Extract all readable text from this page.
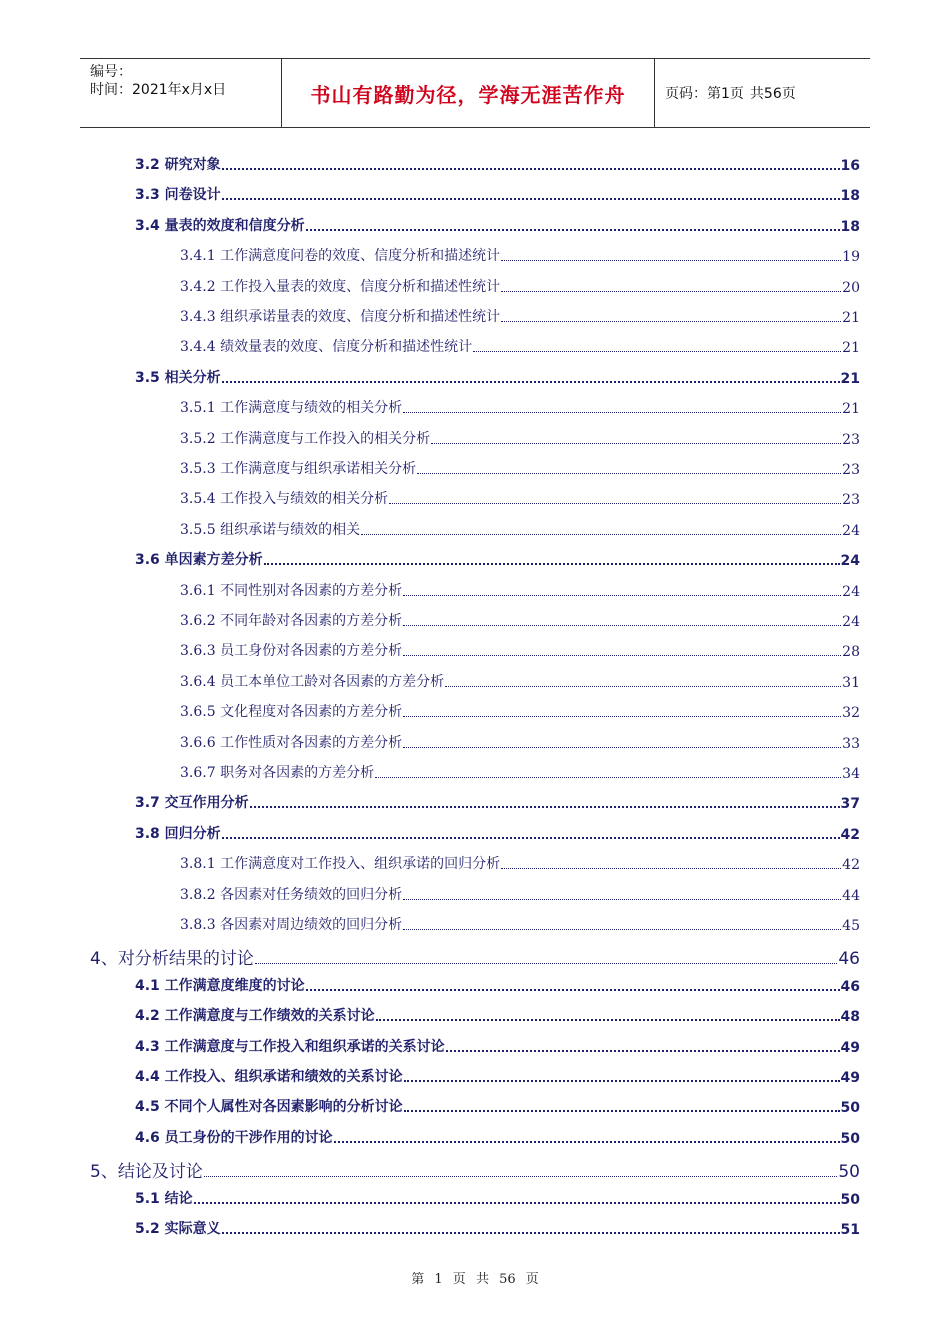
编号：
时间：2021年x月x日	书山有路勤为径，学海无涯苦作舟	页码：第1页 共56页
3.2 研究对象	16
3.3 问卷设计	18
3.4 量表的效度和信度分析	18
3.4.1 工作满意度问卷的效度、信度分析和描述统计	19
3.4.2 工作投入量表的效度、信度分析和描述性统计	20
3.4.3 组织承诺量表的效度、信度分析和描述性统计	21
3.4.4 绩效量表的效度、信度分析和描述性统计	21
3.5 相关分析	21
3.5.1 工作满意度与绩效的相关分析	21
3.5.2 工作满意度与工作投入的相关分析	23
3.5.3 工作满意度与组织承诺相关分析	23
3.5.4 工作投入与绩效的相关分析	23
3.5.5 组织承诺与绩效的相关	24
3.6 单因素方差分析	24
3.6.1 不同性别对各因素的方差分析	24
3.6.2 不同年龄对各因素的方差分析	24
3.6.3 员工身份对各因素的方差分析	28
3.6.4 员工本单位工龄对各因素的方差分析	31
3.6.5 文化程度对各因素的方差分析	32
3.6.6 工作性质对各因素的方差分析	33
3.6.7 职务对各因素的方差分析	34
3.7 交互作用分析	37
3.8 回归分析	42
3.8.1 工作满意度对工作投入、组织承诺的回归分析	42
3.8.2 各因素对任务绩效的回归分析	44
3.8.3 各因素对周边绩效的回归分析	45
4、对分析结果的讨论	46
4.1 工作满意度维度的讨论	46
4.2 工作满意度与工作绩效的关系讨论	48
4.3 工作满意度与工作投入和组织承诺的关系讨论	49
4.4 工作投入、组织承诺和绩效的关系讨论	49
4.5 不同个人属性对各因素影响的分析讨论	50
4.6 员工身份的干涉作用的讨论	50
5、结论及讨论	50
5.1 结论	50
5.2 实际意义	51
第 1 页 共 56 页
